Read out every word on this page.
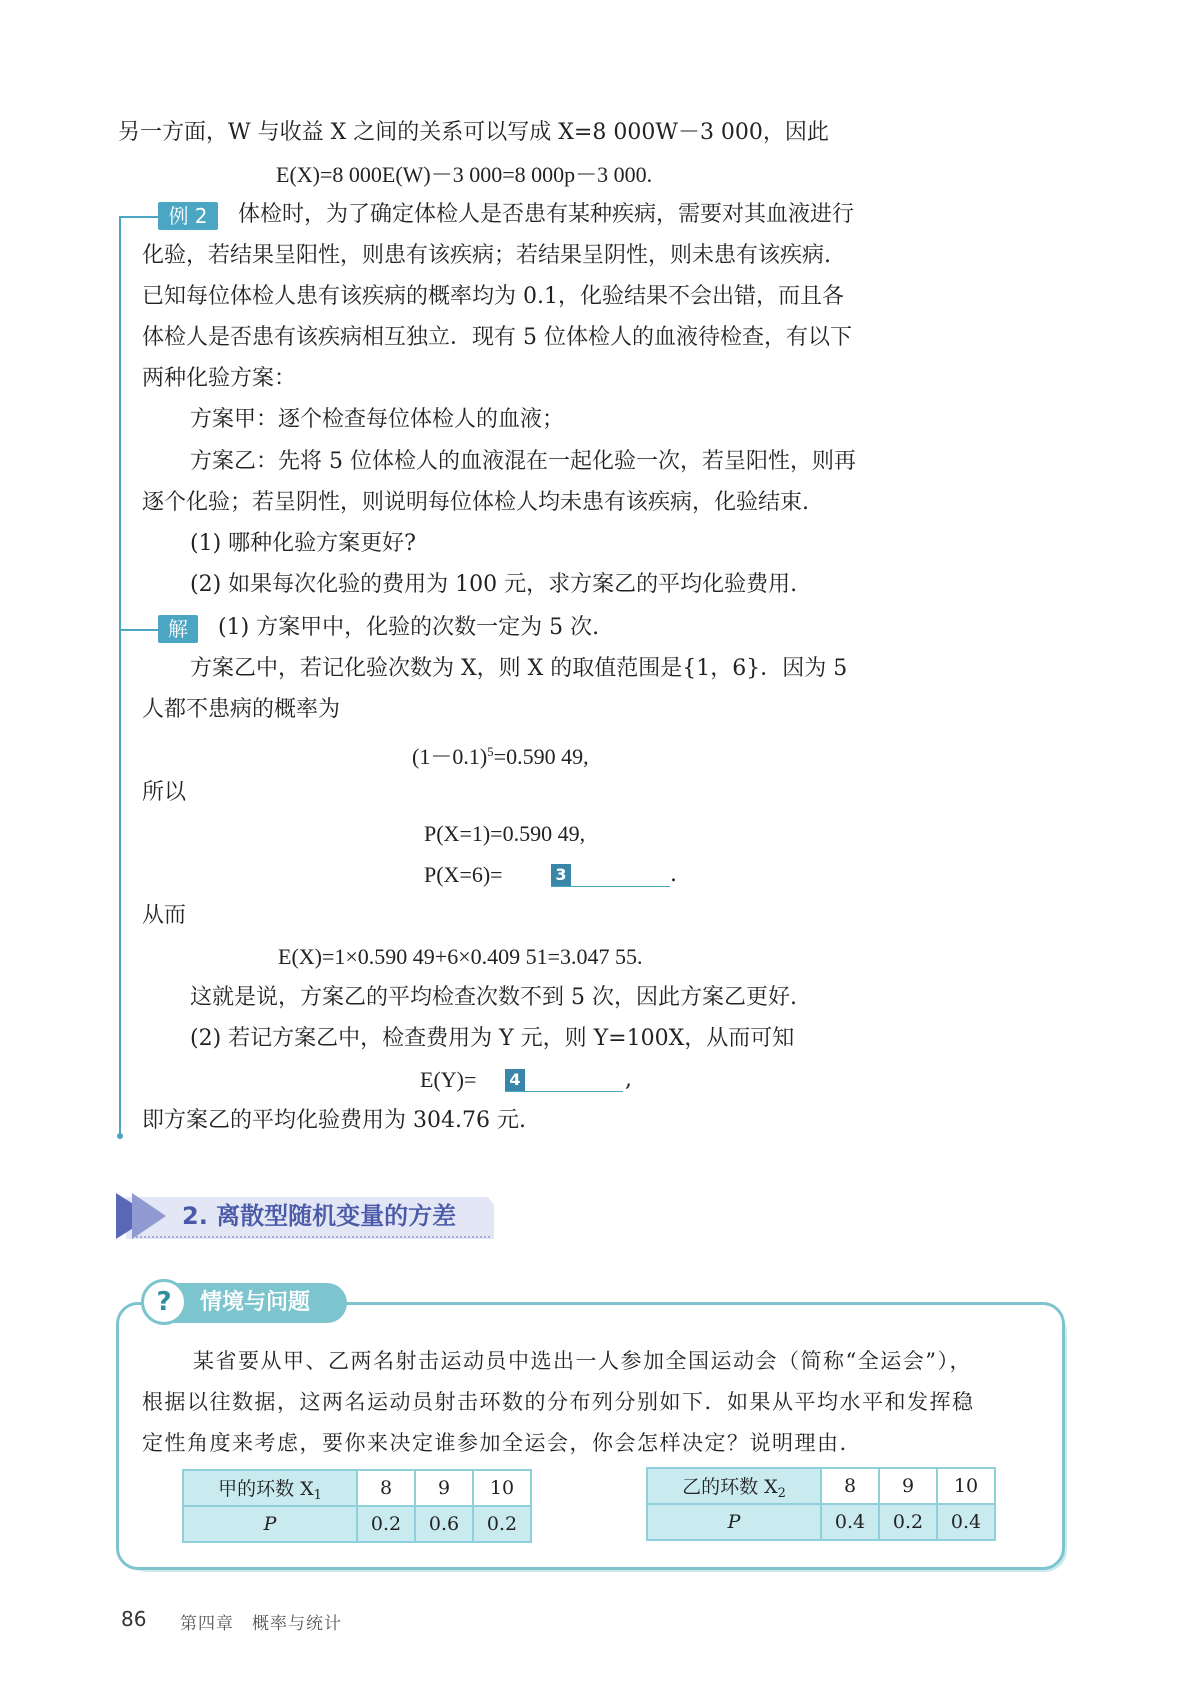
另一方面，W 与收益 X 之间的关系可以写成 X=8 000W－3 000，因此
E(X)=8 000E(W)－3 000=8 000p－3 000.
例 2	体检时，为了确定体检人是否患有某种疾病，需要对其血液进行
化验，若结果呈阳性，则患有该疾病；若结果呈阴性，则未患有该疾病.
已知每位体检人患有该疾病的概率均为 0.1，化验结果不会出错，而且各
体检人是否患有该疾病相互独立．现有 5 位体检人的血液待检查，有以下
两种化验方案：
方案甲：逐个检查每位体检人的血液；
方案乙：先将 5 位体检人的血液混在一起化验一次，若呈阳性，则再
逐个化验；若呈阴性，则说明每位体检人均未患有该疾病，化验结束.
(1) 哪种化验方案更好?
(2) 如果每次化验的费用为 100 元，求方案乙的平均化验费用.
解	(1) 方案甲中，化验的次数一定为 5 次.
方案乙中，若记化验次数为 X，则 X 的取值范围是{1，6}．因为 5
人都不患病的概率为
$(1-0.1)^5=0.590$ 49,
所以
P(X=1)=0.590 49,
P(X=6)=	3	.
从而
E(X)=1×0.590 49+6×0.409 51=3.047 55.
这就是说，方案乙的平均检查次数不到 5 次，因此方案乙更好.
(2) 若记方案乙中，检查费用为 Y 元，则 Y=100X，从而可知
E(Y)= 4	,
即方案乙的平均化验费用为 304.76 元.
2. 离散型随机变量的方差
?	情境与问题
某省要从甲、乙两名射击运动员中选出一人参加全国运动会（简称“全运会”），
根据以往数据，这两名运动员射击环数的分布列分别如下．如果从平均水平和发挥稳
定性角度来考虑，要你来决定谁参加全运会，你会怎样决定？说明理由.
甲的环数 $X_1$	8	9	10
P	0.2	0.6	0.2
乙的环数 $X_2$	8	9	10
P	0.4	0.2	0.4
86 第四章　概率与统计
